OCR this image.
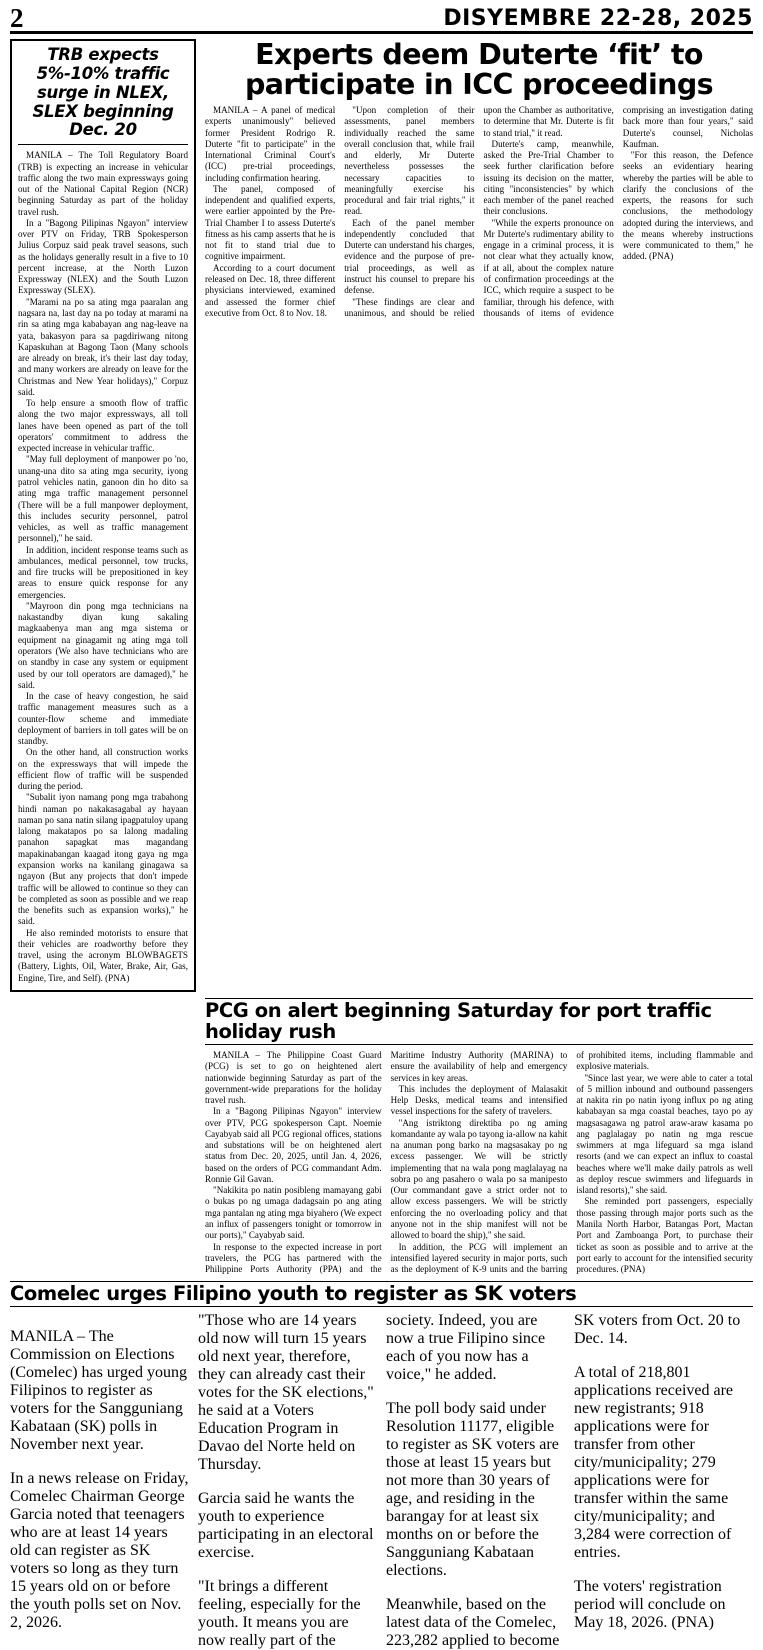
2	DISYEMBRE 22-28, 2025
TRB expects 5%-10% traffic surge in NLEX, SLEX beginning Dec. 20

MANILA – The Toll Regulatory Board (TRB) is expecting an increase in vehicular traffic along the two main expressways going out of the National Capital Region (NCR) beginning Saturday as part of the holiday travel rush.

In a "Bagong Pilipinas Ngayon" interview over PTV on Friday, TRB Spokesperson Julius Corpuz said peak travel seasons, such as the holidays generally result in a five to 10 percent increase, at the North Luzon Expressway (NLEX) and the South Luzon Expressway (SLEX).

"Marami na po sa ating mga paaralan ang nagsara na, last day na po today at marami na rin sa ating mga kababayan ang nag-leave na yata, bakasyon para sa pagdiriwang nitong Kapaskuhan at Bagong Taon (Many schools are already on break, it's their last day today, and many workers are already on leave for the Christmas and New Year holidays)," Corpuz said.

To help ensure a smooth flow of traffic along the two major expressways, all toll lanes have been opened as part of the toll operators' commitment to address the expected increase in vehicular traffic.

"May full deployment of manpower po 'no, unang-una dito sa ating mga security, iyong patrol vehicles natin, ganoon din ho dito sa ating mga traffic management personnel (There will be a full manpower deployment, this includes security personnel, patrol vehicles, as well as traffic management personnel)," he said.

In addition, incident response teams such as ambulances, medical personnel, tow trucks, and fire trucks will be prepositioned in key areas to ensure quick response for any emergencies.

"Mayroon din pong mga technicians na nakastandby diyan kung sakaling magkaabenya man ang mga sistema or equipment na ginagamit ng ating mga toll operators (We also have technicians who are on standby in case any system or equipment used by our toll operators are damaged)," he said.

In the case of heavy congestion, he said traffic management measures such as a counter-flow scheme and immediate deployment of barriers in toll gates will be on standby.

On the other hand, all construction works on the expressways that will impede the efficient flow of traffic will be suspended during the period.

"Subalit iyon namang pong mga trabahong hindi naman po nakakasagabal ay hayaan naman po sana natin silang ipagpatuloy upang lalong makatapos po sa lalong madaling panahon sapagkat mas magandang mapakinabangan kaagad itong gaya ng mga expansion works na kanilang ginagawa sa ngayon (But any projects that don't impede traffic will be allowed to continue so they can be completed as soon as possible and we reap the benefits such as expansion works)," he said.

He also reminded motorists to ensure that their vehicles are roadworthy before they travel, using the acronym BLOWBAGETS (Battery, Lights, Oil, Water, Brake, Air, Gas, Engine, Tire, and Self). (PNA)

Experts deem Duterte ‘fit’ to participate in ICC proceedings

MANILA – A panel of medical experts unanimously" believed former President Rodrigo R. Duterte "fit to participate" in the International Criminal Court's (ICC) pre-trial proceedings, including confirmation hearing.

The panel, composed of independent and qualified experts, were earlier appointed by the Pre-Trial Chamber I to assess Duterte's fitness as his camp asserts that he is not fit to stand trial due to cognitive impairment.

According to a court document released on Dec. 18, three different physicians interviewed, examined and assessed the former chief executive from Oct. 8 to Nov. 18.

"Upon completion of their assessments, panel members individually reached the same overall conclusion that, while frail and elderly, Mr Duterte nevertheless possesses the necessary capacities to meaningfully exercise his procedural and fair trial rights," it read.

Each of the panel member independently concluded that Duterte can understand his charges, evidence and the purpose of pre-trial proceedings, as well as instruct his counsel to prepare his defense.

"These findings are clear and unanimous, and should be relied upon the Chamber as authoritative, to determine that Mr. Duterte is fit to stand trial," it read.

Duterte's camp, meanwhile, asked the Pre-Trial Chamber to seek further clarification before issuing its decision on the matter, citing "inconsistencies" by which each member of the panel reached their conclusions.

"While the experts pronounce on Mr Duterte's rudimentary ability to engage in a criminal process, it is not clear what they actually know, if at all, about the complex nature of confirmation proceedings at the ICC, which require a suspect to be familiar, through his defence, with thousands of items of evidence comprising an investigation dating back more than four years," said Duterte's counsel, Nicholas Kaufman.

"For this reason, the Defence seeks an evidentiary hearing whereby the parties will be able to clarify the conclusions of the experts, the reasons for such conclusions, the methodology adopted during the interviews, and the means whereby instructions were communicated to them," he added. (PNA)

PCG on alert beginning Saturday for port traffic holiday rush

MANILA – The Philippine Coast Guard (PCG) is set to go on heightened alert nationwide beginning Saturday as part of the government-wide preparations for the holiday travel rush.

In a "Bagong Pilipinas Ngayon" interview over PTV, PCG spokesperson Capt. Noemie Cayabyab said all PCG regional offices, stations and substations will be on heightened alert status from Dec. 20, 2025, until Jan. 4, 2026, based on the orders of PCG commandant Adm. Ronnie Gil Gavan.

"Nakikita po natin posibleng mamayang gabi o bukas po ng umaga dadagsain po ang ating mga pantalan ng ating mga biyahero (We expect an influx of passengers tonight or tomorrow in our ports)," Cayabyab said.

In response to the expected increase in port travelers, the PCG has partnered with the Philippine Ports Authority (PPA) and the Maritime Industry Authority (MARINA) to ensure the availability of help and emergency services in key areas.

This includes the deployment of Malasakit Help Desks, medical teams and intensified vessel inspections for the safety of travelers.

"Ang istriktong direktiba po ng aming komandante ay wala po tayong ia-allow na kahit na anuman pong barko na magsasakay po ng excess passenger. We will be strictly implementing that na wala pong maglalayag na sobra po ang pasahero o wala po sa manipesto (Our commandant gave a strict order not to allow excess passengers. We will be strictly enforcing the no overloading policy and that anyone not in the ship manifest will not be allowed to board the ship)," she said.

In addition, the PCG will implement an intensified layered security in major ports, such as the deployment of K-9 units and the barring of prohibited items, including flammable and explosive materials.

"Since last year, we were able to cater a total of 5 million inbound and outbound passengers at nakita rin po natin iyong influx po ng ating kababayan sa mga coastal beaches, tayo po ay magsasagawa ng patrol araw-araw kasama po ang paglalagay po natin ng mga rescue swimmers at mga lifeguard sa mga island resorts (and we can expect an influx to coastal beaches where we'll make daily patrols as well as deploy rescue swimmers and lifeguards in island resorts)," she said.

She reminded port passengers, especially those passing through major ports such as the Manila North Harbor, Batangas Port, Mactan Port and Zamboanga Port, to purchase their ticket as soon as possible and to arrive at the port early to account for the intensified security procedures. (PNA)

Comelec urges Filipino youth to register as SK voters

MANILA – The Commission on Elections (Comelec) has urged young Filipinos to register as voters for the Sangguniang Kabataan (SK) polls in November next year.

In a news release on Friday, Comelec Chairman George Garcia noted that teenagers who are at least 14 years old can register as SK voters so long as they turn 15 years old on or before the youth polls set on Nov. 2, 2026.

"Those who are 14 years old now will turn 15 years old next year, therefore, they can already cast their votes for the SK elections," he said at a Voters Education Program in Davao del Norte held on Thursday.

Garcia said he wants the youth to experience participating in an electoral exercise.

"It brings a different feeling, especially for the youth. It means you are now really part of the society. Indeed, you are now a true Filipino since each of you now has a voice," he added.

The poll body said under Resolution 11177, eligible to register as SK voters are those at least 15 years but not more than 30 years of age, and residing in the barangay for at least six months on or before the Sangguniang Kabataan elections.

Meanwhile, based on the latest data of the Comelec, 223,282 applied to become SK voters from Oct. 20 to Dec. 14.

A total of 218,801 applications received are new registrants; 918 applications were for transfer from other city/municipality; 279 applications were for transfer within the same city/municipality; and 3,284 were correction of entries.

The voters' registration period will conclude on May 18, 2026. (PNA)
